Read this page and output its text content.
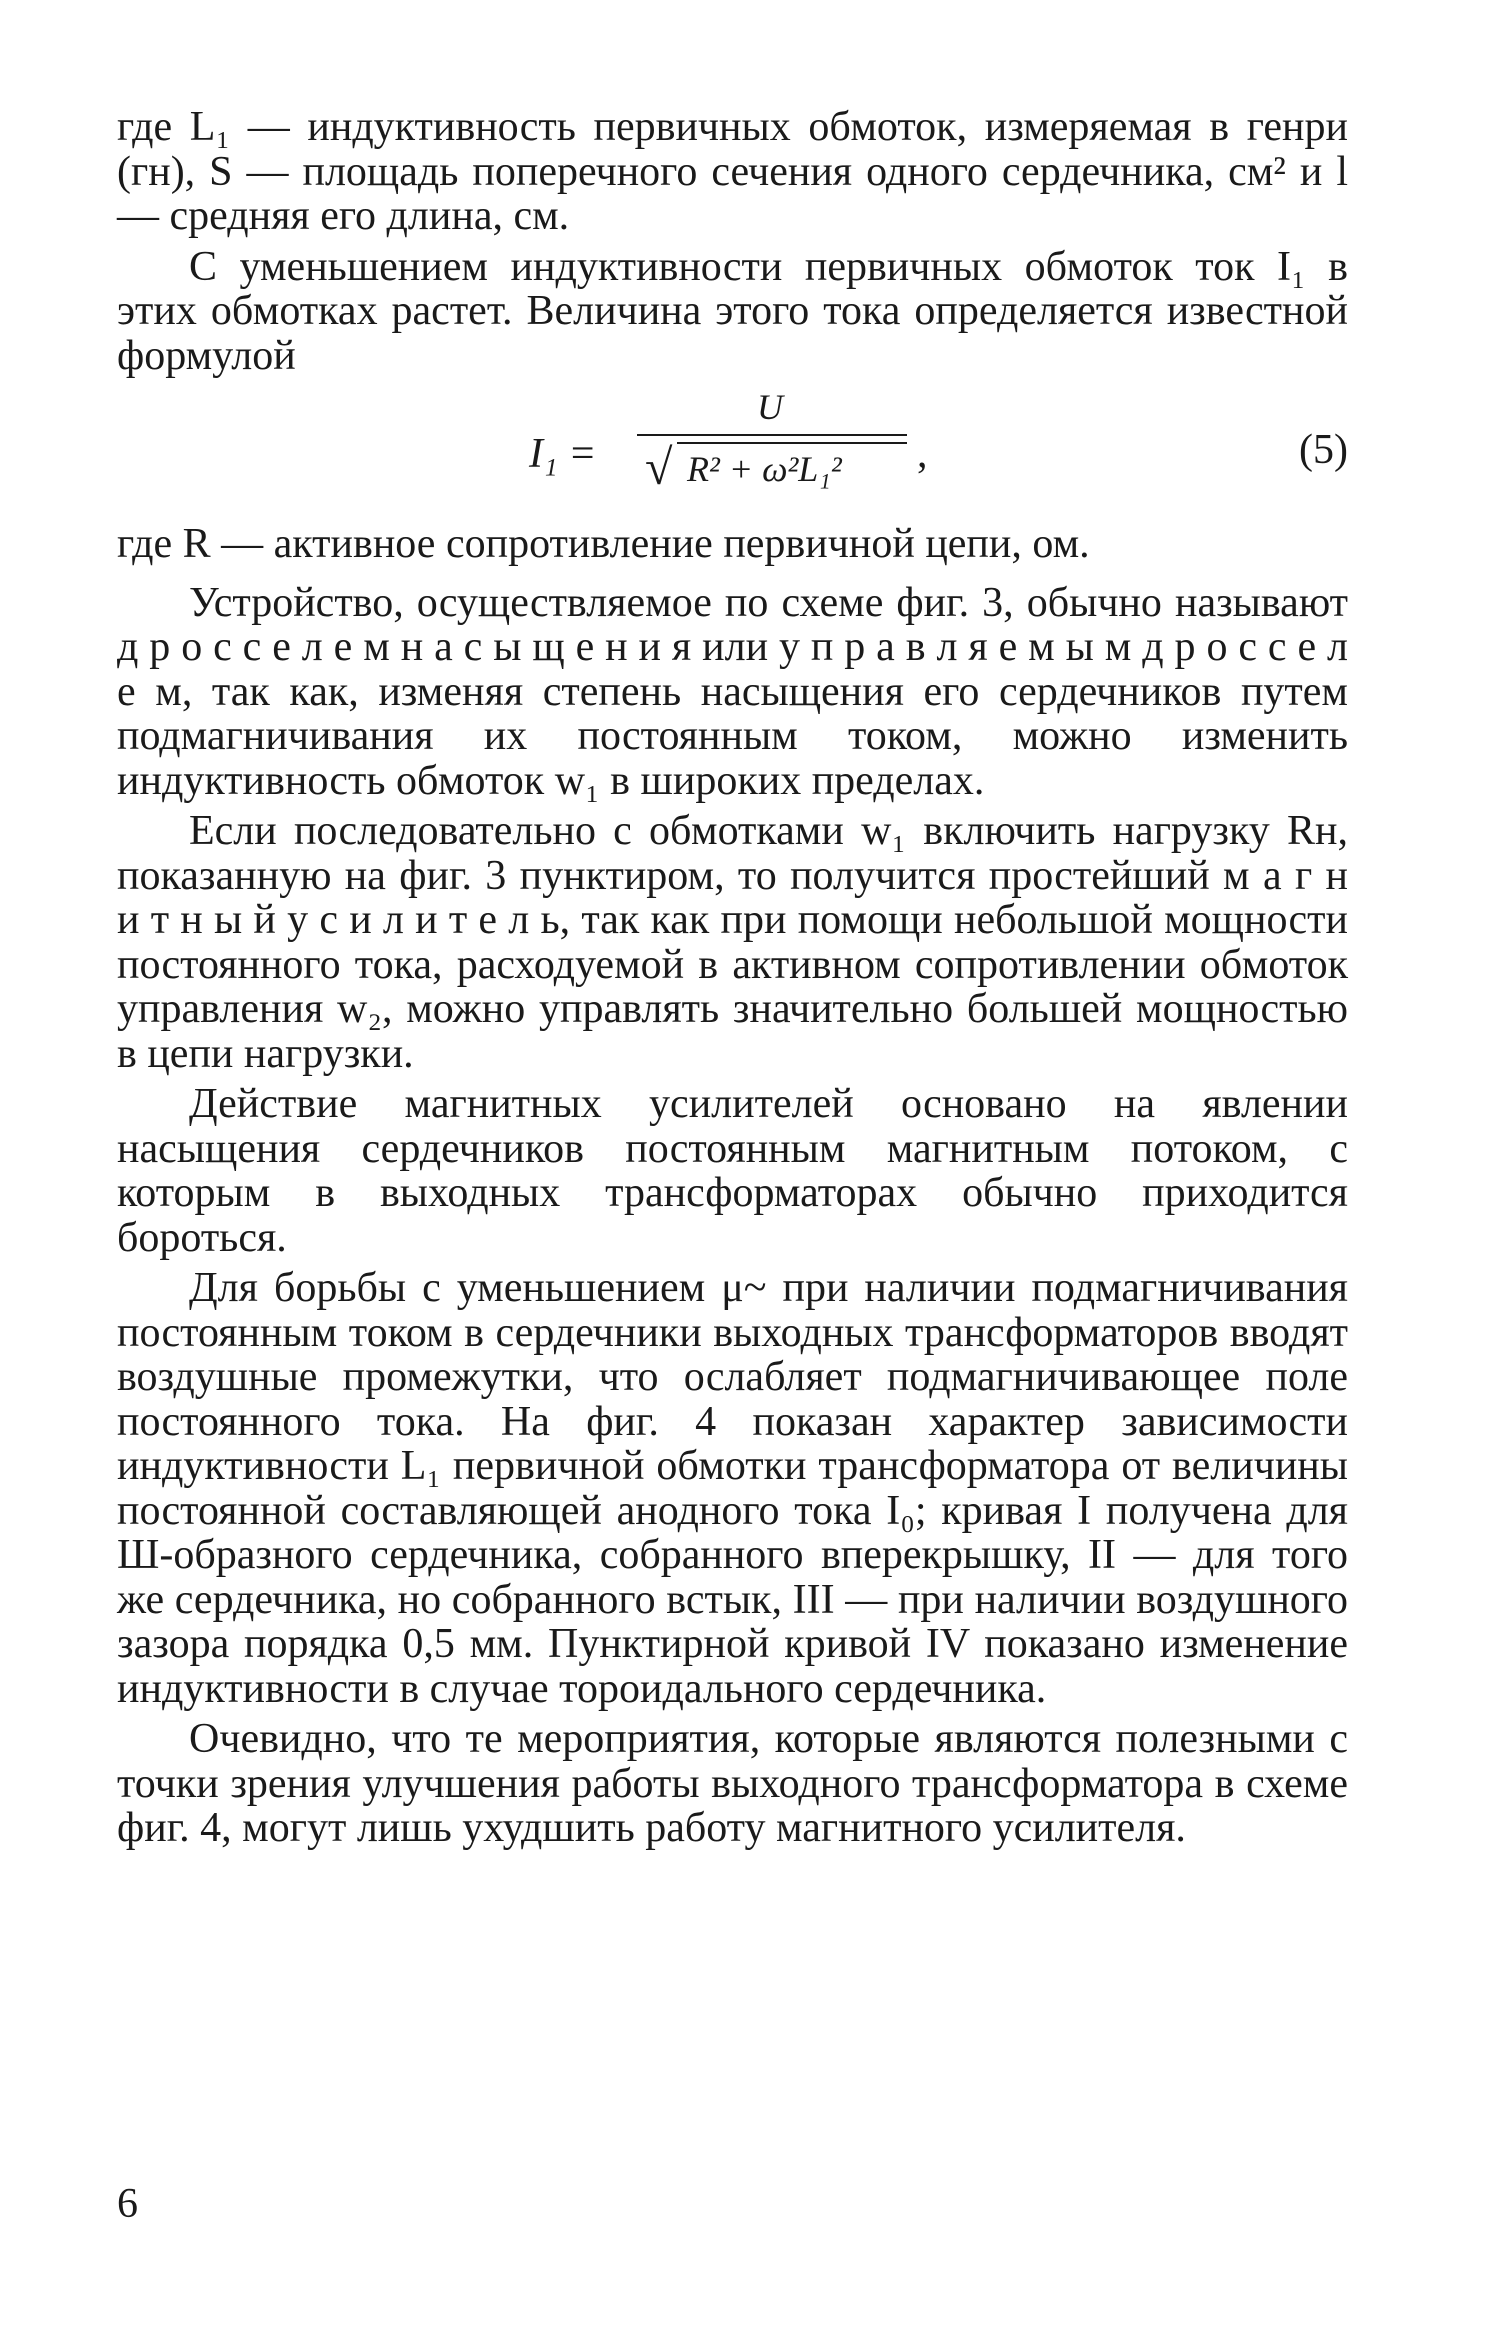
где L₁ — индуктивность первичных обмоток, измеряемая в генри (гн), S — площадь поперечного сечения одного сердечника, см² и l — средняя его длина, см.

С уменьшением индуктивности первичных обмоток ток I₁ в этих обмотках растет. Величина этого тока определяется известной формулой

I₁ =
U
√ R² + ω²L₁² ,	(5)

где R — активное сопротивление первичной цепи, ом.

Устройство, осуществляемое по схеме фиг. 3, обычно называют д р о с с е л е м н а с ы щ е н и я или у п р а в л я е м ы м д р о с с е л е м, так как, изменяя степень насыщения его сердечников путем подмагничивания их постоянным током, можно изменить индуктивность обмоток w₁ в широких пределах.

Если последовательно с обмотками w₁ включить нагрузку Rн, показанную на фиг. 3 пунктиром, то получится простейший м а г н и т н ы й у с и л и т е л ь, так как при помощи небольшой мощности постоянного тока, расходуемой в активном сопротивлении обмоток управления w₂, можно управлять значительно большей мощностью в цепи нагрузки.

Действие магнитных усилителей основано на явлении насыщения сердечников постоянным магнитным потоком, с которым в выходных трансформаторах обычно приходится бороться.

Для борьбы с уменьшением μ~ при наличии подмагничивания постоянным током в сердечники выходных трансформаторов вводят воздушные промежутки, что ослабляет подмагничивающее поле постоянного тока. На фиг. 4 показан характер зависимости индуктивности L₁ первичной обмотки трансформатора от величины постоянной составляющей анодного тока I₀; кривая I получена для Ш-образного сердечника, собранного вперекрышку, II — для того же сердечника, но собранного встык, III — при наличии воздушного зазора порядка 0,5 мм. Пунктирной кривой IV показано изменение индуктивности в случае тороидального сердечника.

Очевидно, что те мероприятия, которые являются полезными с точки зрения улучшения работы выходного трансформатора в схеме фиг. 4, могут лишь ухудшить работу магнитного усилителя.

6
